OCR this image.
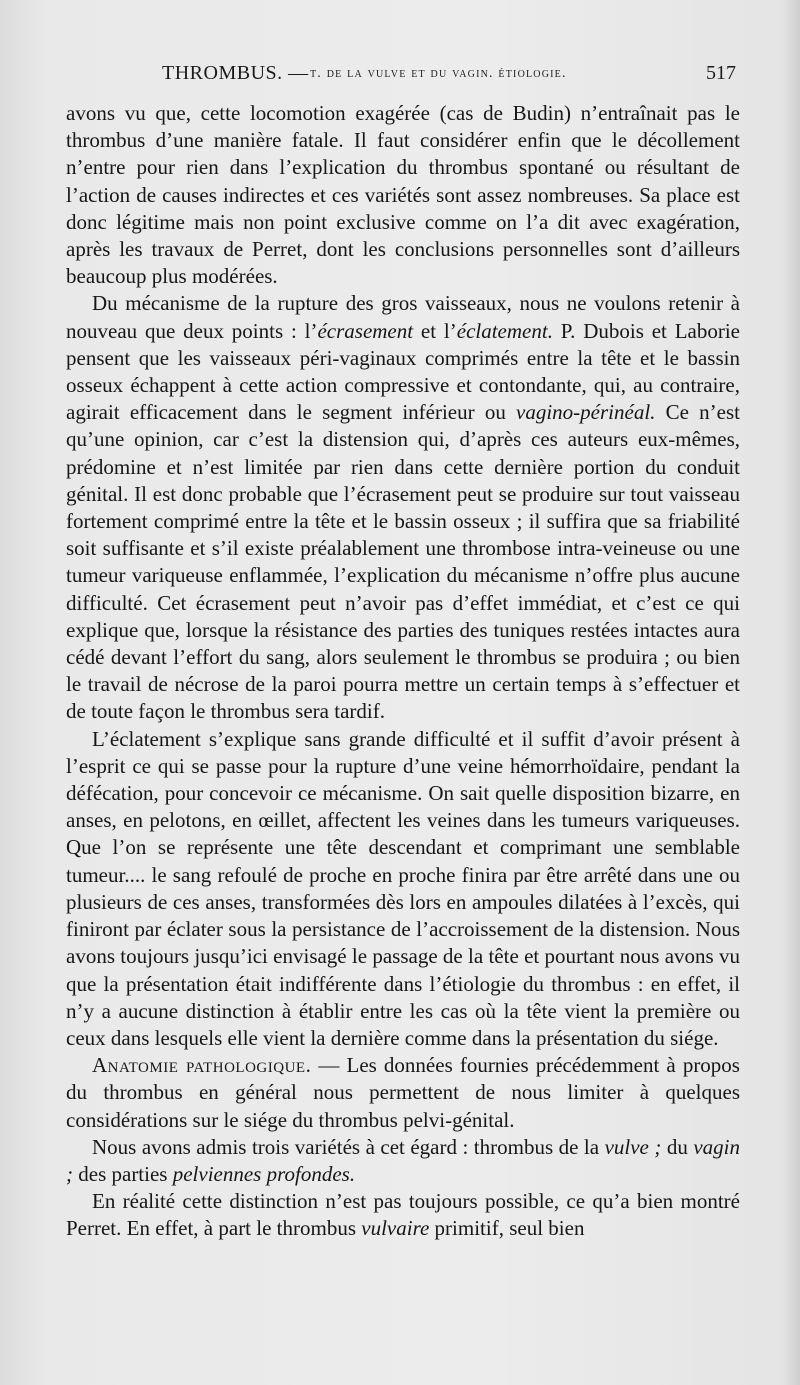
THROMBUS. — t. de la vulve et du vagin. étiologie.	517

avons vu que, cette locomotion exagérée (cas de Budin) n’entraînait pas le thrombus d’une manière fatale. Il faut considérer enfin que le décollement n’entre pour rien dans l’explication du thrombus spontané ou résultant de l’action de causes indirectes et ces variétés sont assez nombreuses. Sa place est donc légitime mais non point exclusive comme on l’a dit avec exagération, après les travaux de Perret, dont les conclusions personnelles sont d’ailleurs beaucoup plus modérées.

Du mécanisme de la rupture des gros vaisseaux, nous ne voulons retenir à nouveau que deux points : l’écrasement et l’éclatement. P. Dubois et Laborie pensent que les vaisseaux péri-vaginaux comprimés entre la tête et le bassin osseux échappent à cette action compressive et contondante, qui, au contraire, agirait efficacement dans le segment inférieur ou vagino-périnéal. Ce n’est qu’une opinion, car c’est la distension qui, d’après ces auteurs eux-mêmes, prédomine et n’est limitée par rien dans cette dernière portion du conduit génital. Il est donc probable que l’écrasement peut se produire sur tout vaisseau fortement comprimé entre la tête et le bassin osseux ; il suffira que sa friabilité soit suffisante et s’il existe préalablement une thrombose intra-veineuse ou une tumeur variqueuse enflammée, l’explication du mécanisme n’offre plus aucune difficulté. Cet écrasement peut n’avoir pas d’effet immédiat, et c’est ce qui explique que, lorsque la résistance des parties des tuniques restées intactes aura cédé devant l’effort du sang, alors seulement le thrombus se produira ; ou bien le travail de nécrose de la paroi pourra mettre un certain temps à s’effectuer et de toute façon le thrombus sera tardif.

L’éclatement s’explique sans grande difficulté et il suffit d’avoir présent à l’esprit ce qui se passe pour la rupture d’une veine hémorrhoïdaire, pendant la défécation, pour concevoir ce mécanisme. On sait quelle disposition bizarre, en anses, en pelotons, en œillet, affectent les veines dans les tumeurs variqueuses. Que l’on se représente une tête descendant et comprimant une semblable tumeur.... le sang refoulé de proche en proche finira par être arrêté dans une ou plusieurs de ces anses, transformées dès lors en ampoules dilatées à l’excès, qui finiront par éclater sous la persistance de l’accroissement de la distension. Nous avons toujours jusqu’ici envisagé le passage de la tête et pourtant nous avons vu que la présentation était indifférente dans l’étiologie du thrombus : en effet, il n’y a aucune distinction à établir entre les cas où la tête vient la première ou ceux dans lesquels elle vient la dernière comme dans la présentation du siége.

Anatomie pathologique. — Les données fournies précédemment à propos du thrombus en général nous permettent de nous limiter à quelques considérations sur le siége du thrombus pelvi-génital.

Nous avons admis trois variétés à cet égard : thrombus de la vulve ; du vagin ; des parties pelviennes profondes.

En réalité cette distinction n’est pas toujours possible, ce qu’a bien montré Perret. En effet, à part le thrombus vulvaire primitif, seul bien
